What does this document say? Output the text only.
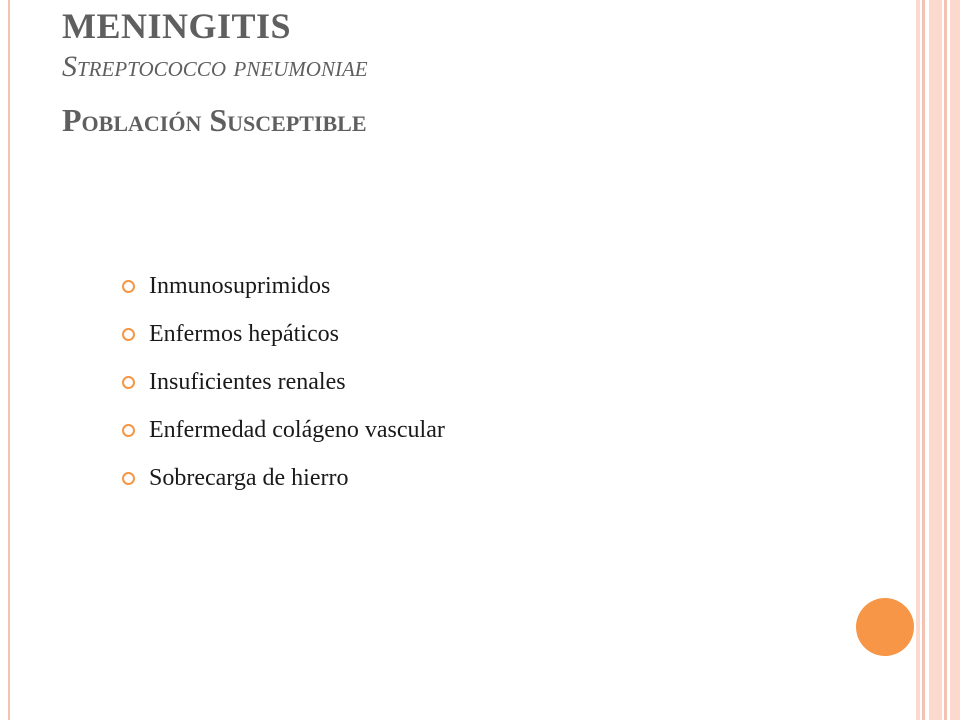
MENINGITIS
Streptococco pneumoniae
Población Susceptible
Inmunosuprimidos
Enfermos hepáticos
Insuficientes renales
Enfermedad colágeno vascular
Sobrecarga de hierro
